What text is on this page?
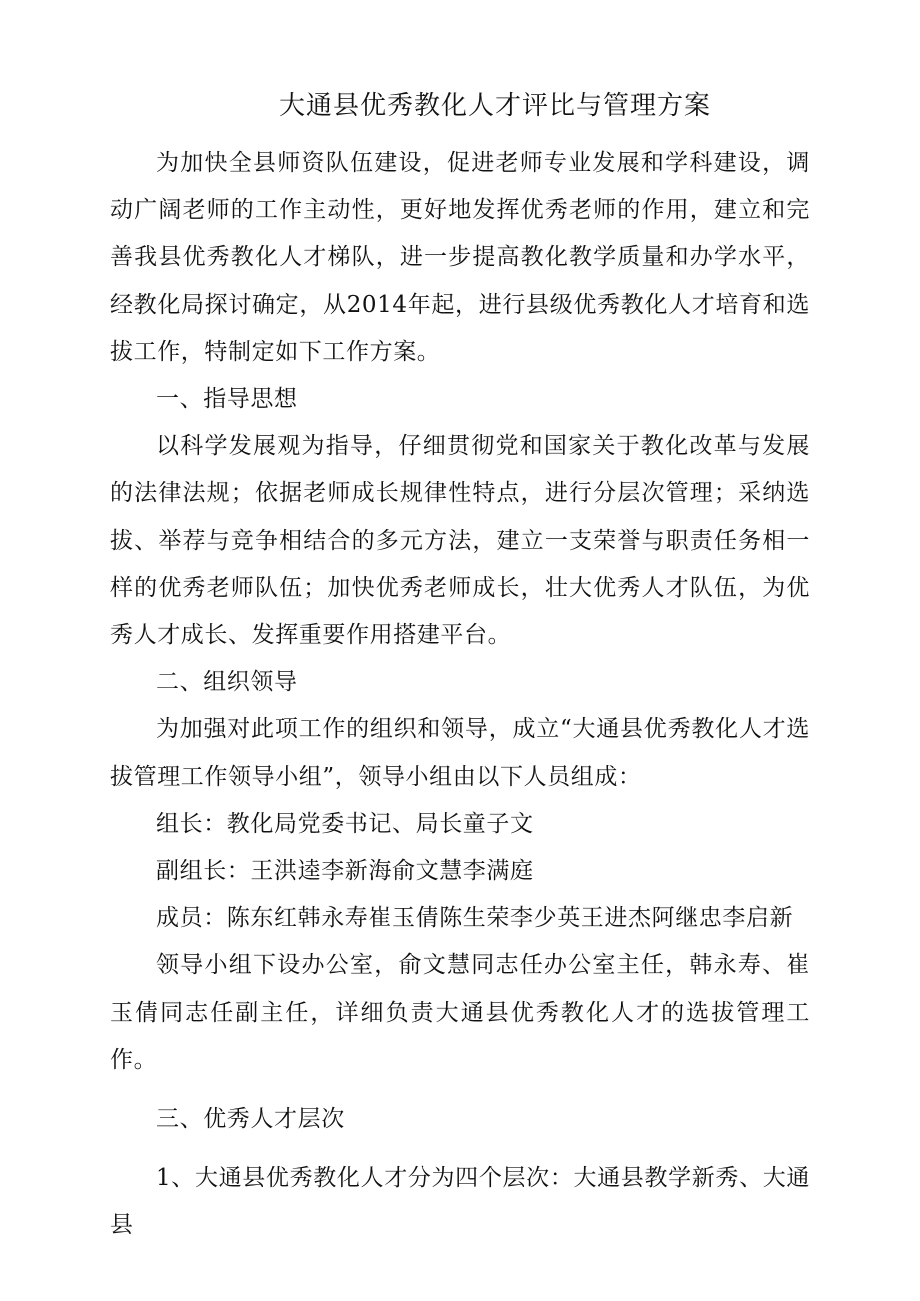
大通县优秀教化人才评比与管理方案

为加快全县师资队伍建设，促进老师专业发展和学科建设，调动广阔老师的工作主动性，更好地发挥优秀老师的作用，建立和完善我县优秀教化人才梯队，进一步提高教化教学质量和办学水平，经教化局探讨确定，从2014年起，进行县级优秀教化人才培育和选拔工作，特制定如下工作方案。

一、指导思想

以科学发展观为指导，仔细贯彻党和国家关于教化改革与发展的法律法规；依据老师成长规律性特点，进行分层次管理；采纳选拔、举荐与竞争相结合的多元方法，建立一支荣誉与职责任务相一样的优秀老师队伍；加快优秀老师成长，壮大优秀人才队伍，为优秀人才成长、发挥重要作用搭建平台。

二、组织领导

为加强对此项工作的组织和领导，成立“大通县优秀教化人才选拔管理工作领导小组”，领导小组由以下人员组成：

组长：教化局党委书记、局长童子文

副组长：王洪逵李新海俞文慧李满庭

成员：陈东红韩永寿崔玉倩陈生荣李少英王进杰阿继忠李启新

领导小组下设办公室，俞文慧同志任办公室主任，韩永寿、崔玉倩同志任副主任，详细负责大通县优秀教化人才的选拔管理工作。

三、优秀人才层次

1、大通县优秀教化人才分为四个层次：大通县教学新秀、大通县
